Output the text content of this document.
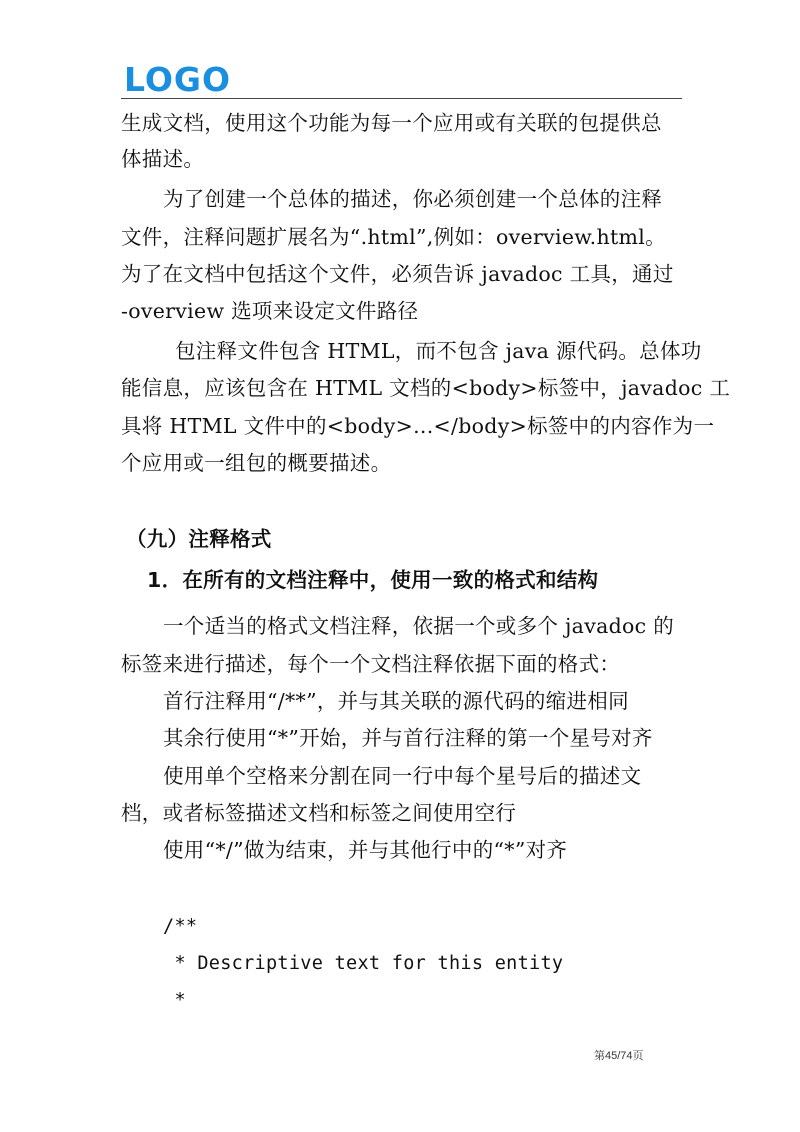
LOGO
生成文档，使用这个功能为每一个应用或有关联的包提供总
体描述。
为了创建一个总体的描述，你必须创建一个总体的注释
文件，注释问题扩展名为“.html”,例如：overview.html。
为了在文档中包括这个文件，必须告诉 javadoc 工具，通过
-overview 选项来设定文件路径
包注释文件包含 HTML，而不包含 java 源代码。总体功
能信息，应该包含在 HTML 文档的<body>标签中，javadoc 工
具将 HTML 文件中的<body>...</body>标签中的内容作为一
个应用或一组包的概要描述。
（九）注释格式
1．在所有的文档注释中，使用一致的格式和结构
一个适当的格式文档注释，依据一个或多个 javadoc 的
标签来进行描述，每个一个文档注释依据下面的格式：
首行注释用“/**”，并与其关联的源代码的缩进相同
其余行使用“*”开始，并与首行注释的第一个星号对齐
使用单个空格来分割在同一行中每个星号后的描述文
档，或者标签描述文档和标签之间使用空行
使用“*/”做为结束，并与其他行中的“*”对齐
/**
* Descriptive text for this entity
*
第45/74页
